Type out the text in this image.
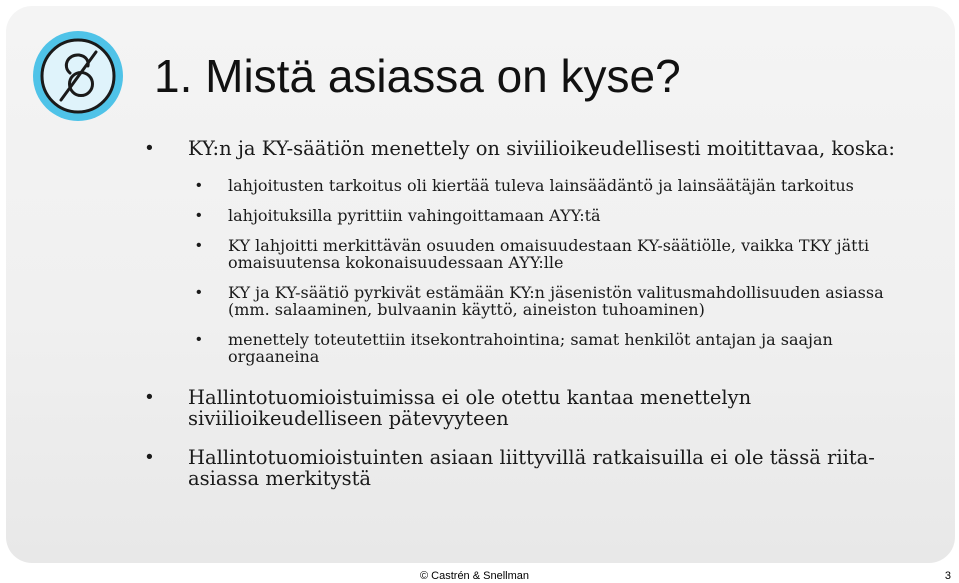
1. Mistä asiassa on kyse?
• KY:n ja KY-säätiön menettely on siviilioikeudellisesti moitittavaa, koska:
• lahjoitusten tarkoitus oli kiertää tuleva lainsäädäntö ja lainsäätäjän tarkoitus
• lahjoituksilla pyrittiin vahingoittamaan AYY:tä
• KY lahjoitti merkittävän osuuden omaisuudestaan KY-säätiölle, vaikka TKY jätti omaisuutensa kokonaisuudessaan AYY:lle
• KY ja KY-säätiö pyrkivät estämään KY:n jäsenistön valitusmahdollisuuden asiassa (mm. salaaminen, bulvaanin käyttö, aineiston tuhoaminen)
• menettely toteutettiin itsekontrahointina; samat henkilöt antajan ja saajan orgaaneina
• Hallintotuomioistuimissa ei ole otettu kantaa menettelyn siviilioikeudelliseen pätevyyteen
• Hallintotuomioistuinten asiaan liittyvillä ratkaisuilla ei ole tässä riita-asiassa merkitystä
© Castrén & Snellman	3
